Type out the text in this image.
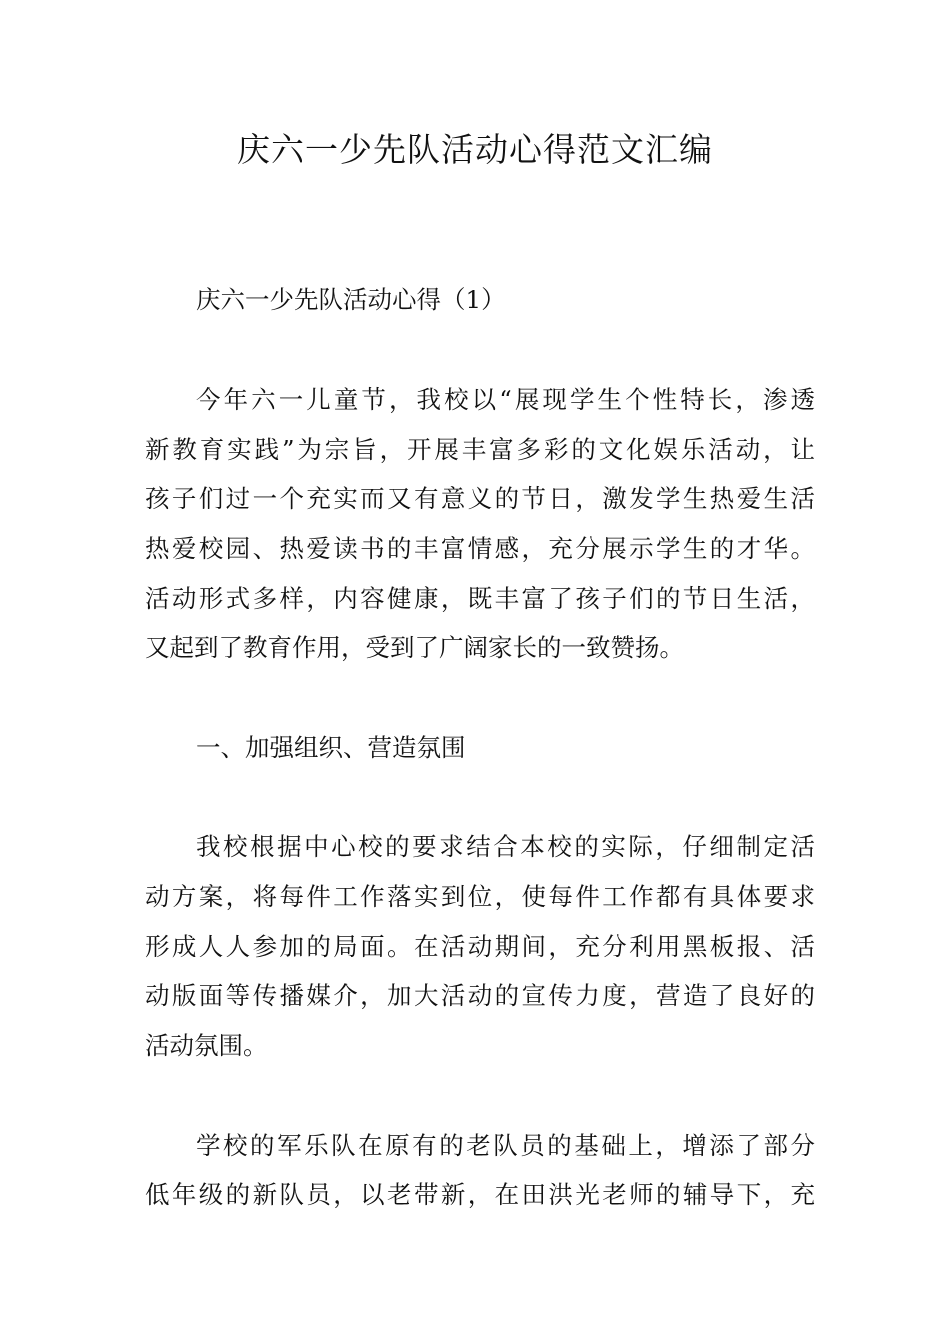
庆六一少先队活动心得范文汇编

庆六一少先队活动心得（1）

今年六一儿童节，我校以“展现学生个性特长，渗透

新教育实践”为宗旨，开展丰富多彩的文化娱乐活动，让

孩子们过一个充实而又有意义的节日，激发学生热爱生活

热爱校园、热爱读书的丰富情感，充分展示学生的才华。

活动形式多样，内容健康，既丰富了孩子们的节日生活，

又起到了教育作用，受到了广阔家长的一致赞扬。

一、加强组织、营造氛围

我校根据中心校的要求结合本校的实际，仔细制定活

动方案，将每件工作落实到位，使每件工作都有具体要求

形成人人参加的局面。在活动期间，充分利用黑板报、活

动版面等传播媒介，加大活动的宣传力度，营造了良好的

活动氛围。

学校的军乐队在原有的老队员的基础上，增添了部分

低年级的新队员，以老带新，在田洪光老师的辅导下，充
